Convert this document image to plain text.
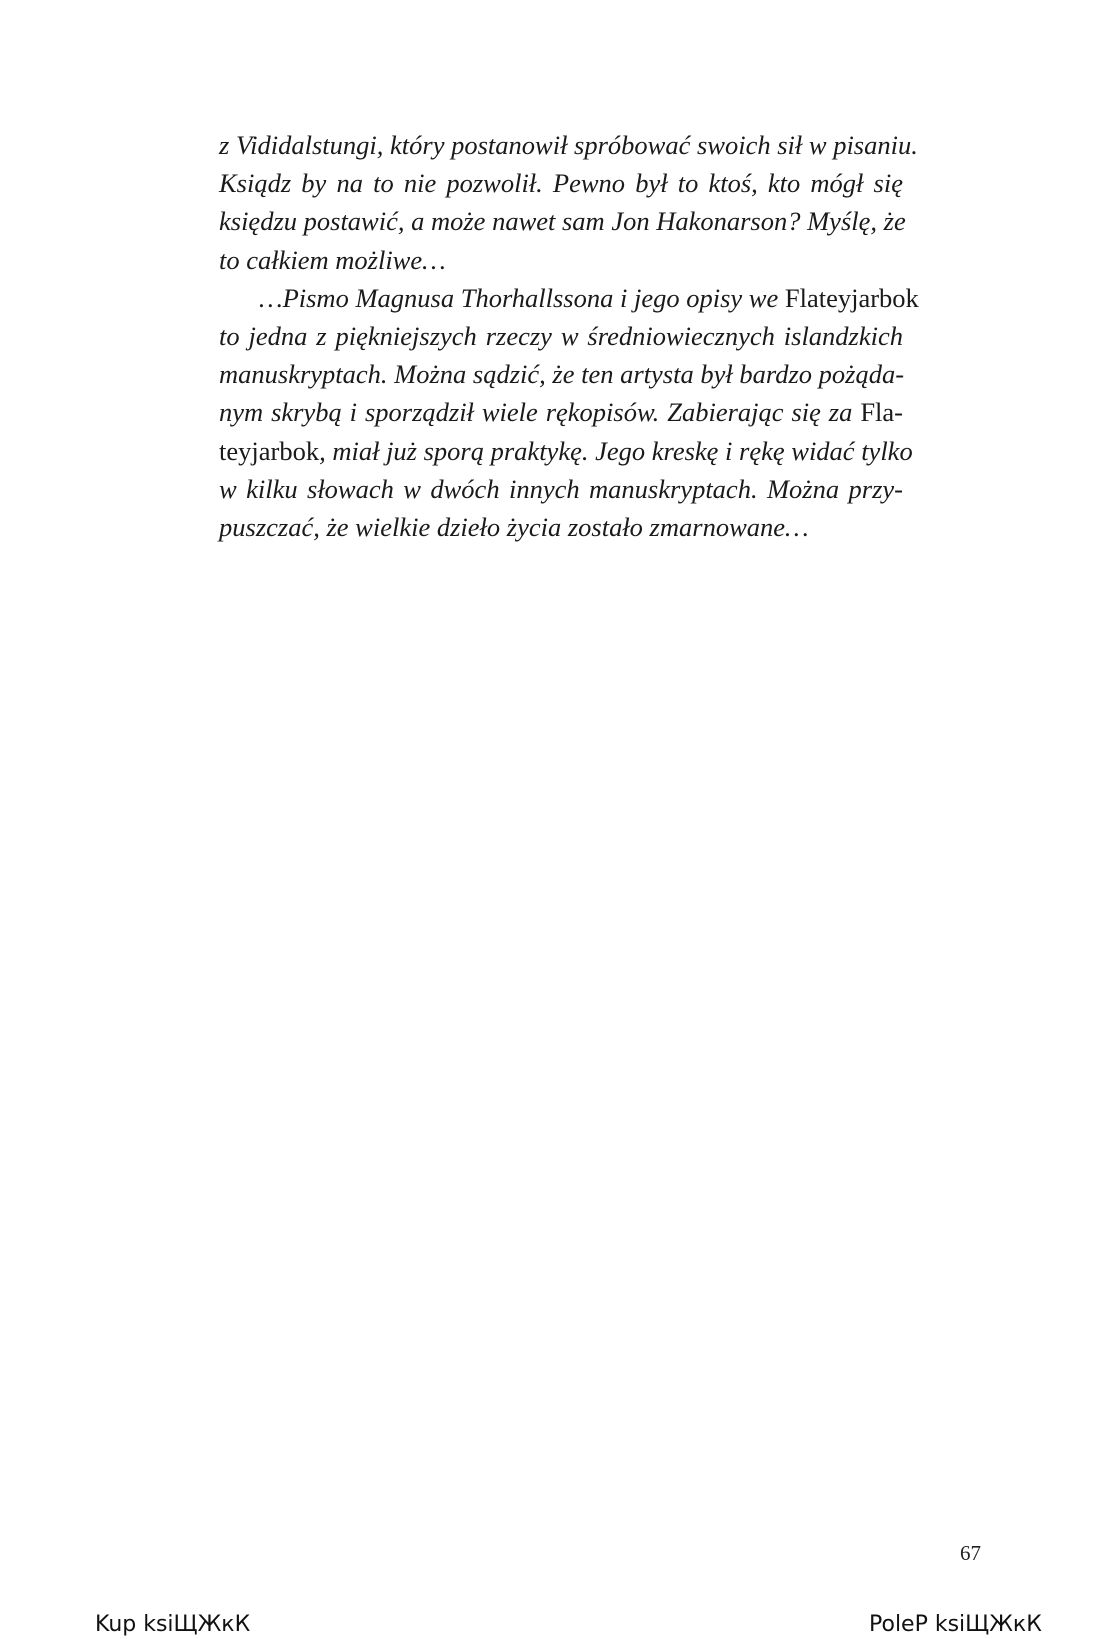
z Vididalstungi, który postanowił spróbować swoich sił w pisaniu.
Ksiądz by na to nie pozwolił. Pewno był to ktoś, kto mógł się
księdzu postawić, a może nawet sam Jon Hakonarson? Myślę, że
to całkiem możliwe…
…Pismo Magnusa Thorhallssona i jego opisy we Flateyjarbok
to jedna z piękniejszych rzeczy w średniowiecznych islandzkich
manuskryptach. Można sądzić, że ten artysta był bardzo pożąda-
nym skrybą i sporządził wiele rękopisów. Zabierając się za Fla-
teyjarbok, miał już sporą praktykę. Jego kreskę i rękę widać tylko
w kilku słowach w dwóch innych manuskryptach. Można przy-
puszczać, że wielkie dzieło życia zostało zmarnowane…
67
Kup ksiЩЖкК	PoleР ksiЩЖкК
